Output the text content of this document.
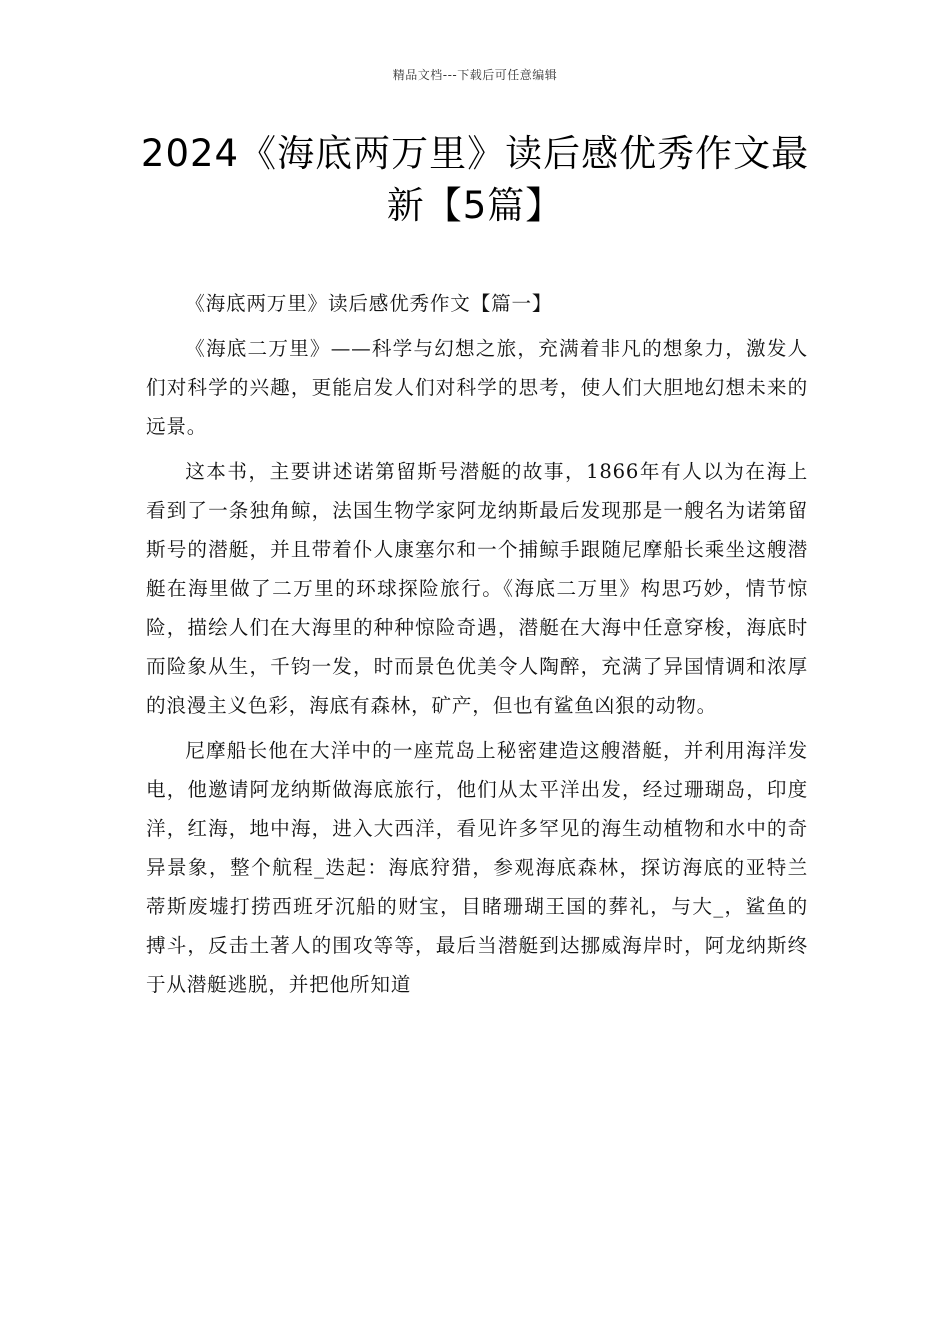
精品文档---下载后可任意编辑
2024《海底两万里》读后感优秀作文最新【5篇】

《海底两万里》读后感优秀作文【篇一】

《海底二万里》——科学与幻想之旅，充满着非凡的想象力，激发人们对科学的兴趣，更能启发人们对科学的思考，使人们大胆地幻想未来的远景。

这本书，主要讲述诺第留斯号潜艇的故事，1866年有人以为在海上看到了一条独角鲸，法国生物学家阿龙纳斯最后发现那是一艘名为诺第留斯号的潜艇，并且带着仆人康塞尔和一个捕鲸手跟随尼摩船长乘坐这艘潜艇在海里做了二万里的环球探险旅行。《海底二万里》构思巧妙，情节惊险，描绘人们在大海里的种种惊险奇遇，潜艇在大海中任意穿梭，海底时而险象从生，千钧一发，时而景色优美令人陶醉，充满了异国情调和浓厚的浪漫主义色彩，海底有森林，矿产，但也有鲨鱼凶狠的动物。

尼摩船长他在大洋中的一座荒岛上秘密建造这艘潜艇，并利用海洋发电，他邀请阿龙纳斯做海底旅行，他们从太平洋出发，经过珊瑚岛，印度洋，红海，地中海，进入大西洋，看见许多罕见的海生动植物和水中的奇异景象，整个航程_迭起：海底狩猎，参观海底森林，探访海底的亚特兰蒂斯废墟打捞西班牙沉船的财宝，目睹珊瑚王国的葬礼，与大_，鲨鱼的搏斗，反击土著人的围攻等等，最后当潜艇到达挪威海岸时，阿龙纳斯终于从潜艇逃脱，并把他所知道
